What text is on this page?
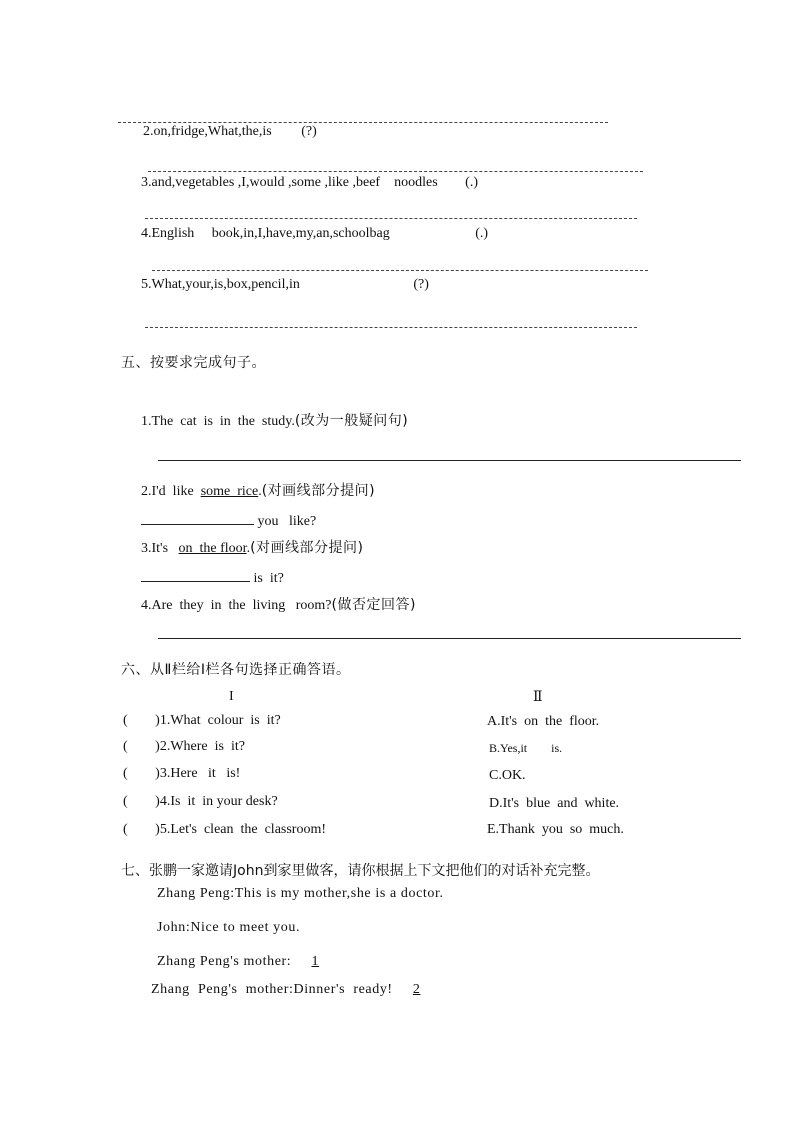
2.on,fridge,What,the,is (?)
3.and,vegetables ,I,would ,some ,like ,beef    noodles (.)
4.English     book,in,I,have,my,an,schoolbag	(.)
5.What,your,is,box,pencil,in	(?)
五、按要求完成句子。
1.The  cat  is  in  the  study.(改为一般疑问句)
2.I'd  like  some  rice.(对画线部分提问)
you   like?
3.It's   on  the floor.(对画线部分提问)
is  it?
4.Are  they  in  the  living   room?(做否定回答)
六、从Ⅱ栏给Ⅰ栏各句选择正确答语。
I	Ⅱ
( )1.What  colour  is  it?	A.It's  on  the  floor.
( )2.Where  is  it?	B.Yes,it        is.
( )3.Here   it   is!	C.OK.
( )4.Is  it  in your desk?	D.It's  blue  and  white.
( )5.Let's  clean  the  classroom!	E.Thank  you  so  much.
七、张鹏一家邀请John到家里做客，请你根据上下文把他们的对话补充完整。
Zhang Peng:This is my mother,she is a doctor.
John:Nice to meet you.
Zhang Peng's mother:  1
Zhang  Peng's  mother:Dinner's  ready!  2
